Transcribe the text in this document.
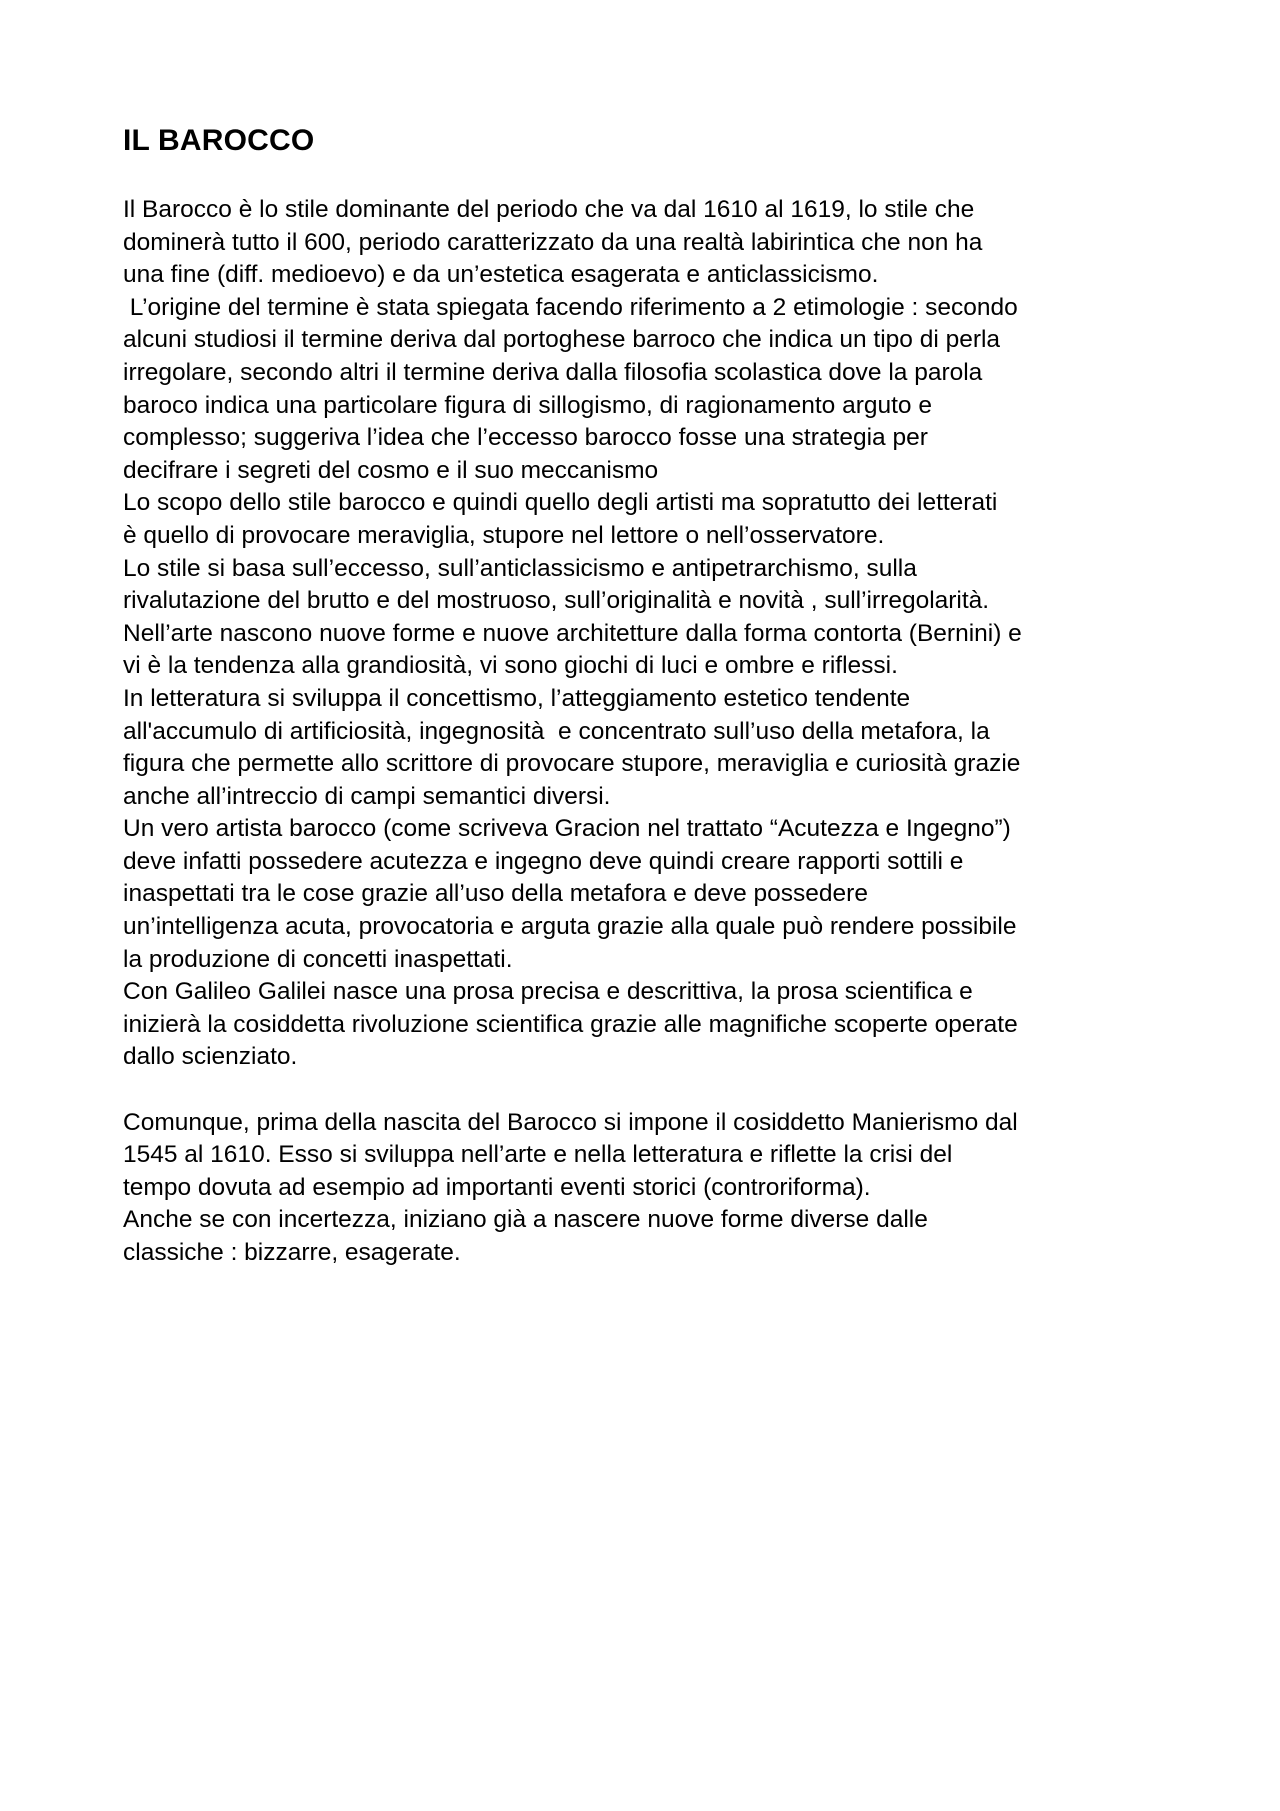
IL BAROCCO
Il Barocco è lo stile dominante del periodo che va dal 1610 al 1619, lo stile che
dominerà tutto il 600, periodo caratterizzato da una realtà labirintica che non ha
una fine (diff. medioevo) e da un’estetica esagerata e anticlassicismo.
L’origine del termine è stata spiegata facendo riferimento a 2 etimologie : secondo
alcuni studiosi il termine deriva dal portoghese barroco che indica un tipo di perla
irregolare, secondo altri il termine deriva dalla filosofia scolastica dove la parola
baroco indica una particolare figura di sillogismo, di ragionamento arguto e
complesso; suggeriva l’idea che l’eccesso barocco fosse una strategia per
decifrare i segreti del cosmo e il suo meccanismo
Lo scopo dello stile barocco e quindi quello degli artisti ma sopratutto dei letterati
è quello di provocare meraviglia, stupore nel lettore o nell’osservatore.
Lo stile si basa sull’eccesso, sull’anticlassicismo e antipetrarchismo, sulla
rivalutazione del brutto e del mostruoso, sull’originalità e novità , sull’irregolarità.
Nell’arte nascono nuove forme e nuove architetture dalla forma contorta (Bernini) e
vi è la tendenza alla grandiosità, vi sono giochi di luci e ombre e riflessi.
In letteratura si sviluppa il concettismo, l’atteggiamento estetico tendente
all'accumulo di artificiosità, ingegnosità  e concentrato sull’uso della metafora, la
figura che permette allo scrittore di provocare stupore, meraviglia e curiosità grazie
anche all’intreccio di campi semantici diversi.
Un vero artista barocco (come scriveva Gracion nel trattato “Acutezza e Ingegno”)
deve infatti possedere acutezza e ingegno deve quindi creare rapporti sottili e
inaspettati tra le cose grazie all’uso della metafora e deve possedere
un’intelligenza acuta, provocatoria e arguta grazie alla quale può rendere possibile
la produzione di concetti inaspettati.
Con Galileo Galilei nasce una prosa precisa e descrittiva, la prosa scientifica e
inizierà la cosiddetta rivoluzione scientifica grazie alle magnifiche scoperte operate
dallo scienziato.
Comunque, prima della nascita del Barocco si impone il cosiddetto Manierismo dal
1545 al 1610. Esso si sviluppa nell’arte e nella letteratura e riflette la crisi del
tempo dovuta ad esempio ad importanti eventi storici (controriforma).
Anche se con incertezza, iniziano già a nascere nuove forme diverse dalle
classiche : bizzarre, esagerate.
